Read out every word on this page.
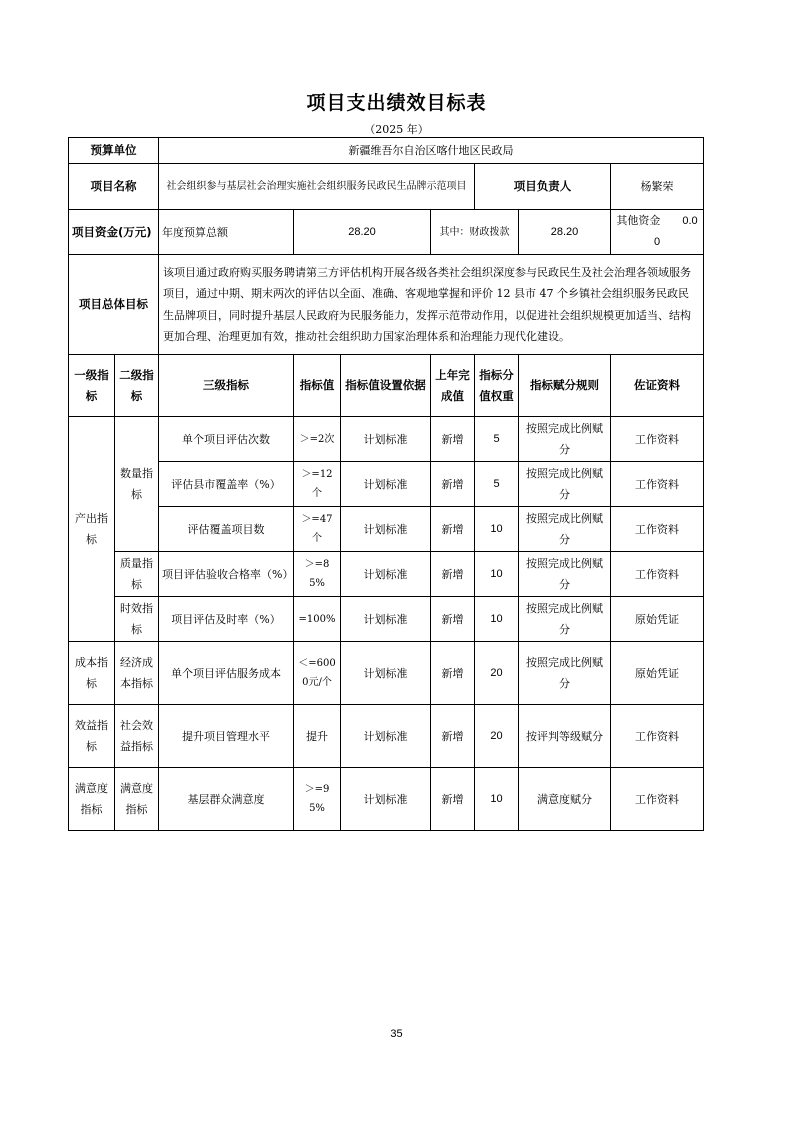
项目支出绩效目标表
（2025 年）
预算单位		新疆维吾尔自治区喀什地区民政局						
项目名称		社会组织参与基层社会治理实施社会组织服务民政民生品牌示范项目				项目负责人		杨繁荣
项目资金(万元)		年度预算总额	28.20		其中：财政拨款		28.20	其他资金　　 0.00
项目总体目标		该项目通过政府购买服务聘请第三方评估机构开展各级各类社会组织深度参与民政民生及社会治理各领域服务项目，通过中期、期末两次的评估以全面、准确、客观地掌握和评价 12 县市 47 个乡镇社会组织服务民政民生品牌项目，同时提升基层人民政府为民服务能力，发挥示范带动作用，以促进社会组织规模更加适当、结构更加合理、治理更加有效，推动社会组织助力国家治理体系和治理能力现代化建设。						
一级指标	二级指标	三级指标	指标值	指标值设置依据	上年完成值	指标分值权重	指标赋分规则	佐证资料
产出指标	数量指标	单个项目评估次数	＞=2次	计划标准	新增	5	按照完成比例赋分	工作资料
		评估县市覆盖率（%）	＞=12个	计划标准	新增	5	按照完成比例赋分	工作资料
		评估覆盖项目数	＞=47个	计划标准	新增	10	按照完成比例赋分	工作资料
	质量指标	项目评估验收合格率（%）	＞=85%	计划标准	新增	10	按照完成比例赋分	工作资料
	时效指标	项目评估及时率（%）	=100%	计划标准	新增	10	按照完成比例赋分	原始凭证
成本指标	经济成本指标	单个项目评估服务成本	＜=6000元/个	计划标准	新增	20	按照完成比例赋分	原始凭证
效益指标	社会效益指标	提升项目管理水平	提升	计划标准	新增	20	按评判等级赋分	工作资料
满意度指标	满意度指标	基层群众满意度	＞=95%	计划标准	新增	10	满意度赋分	工作资料
35
